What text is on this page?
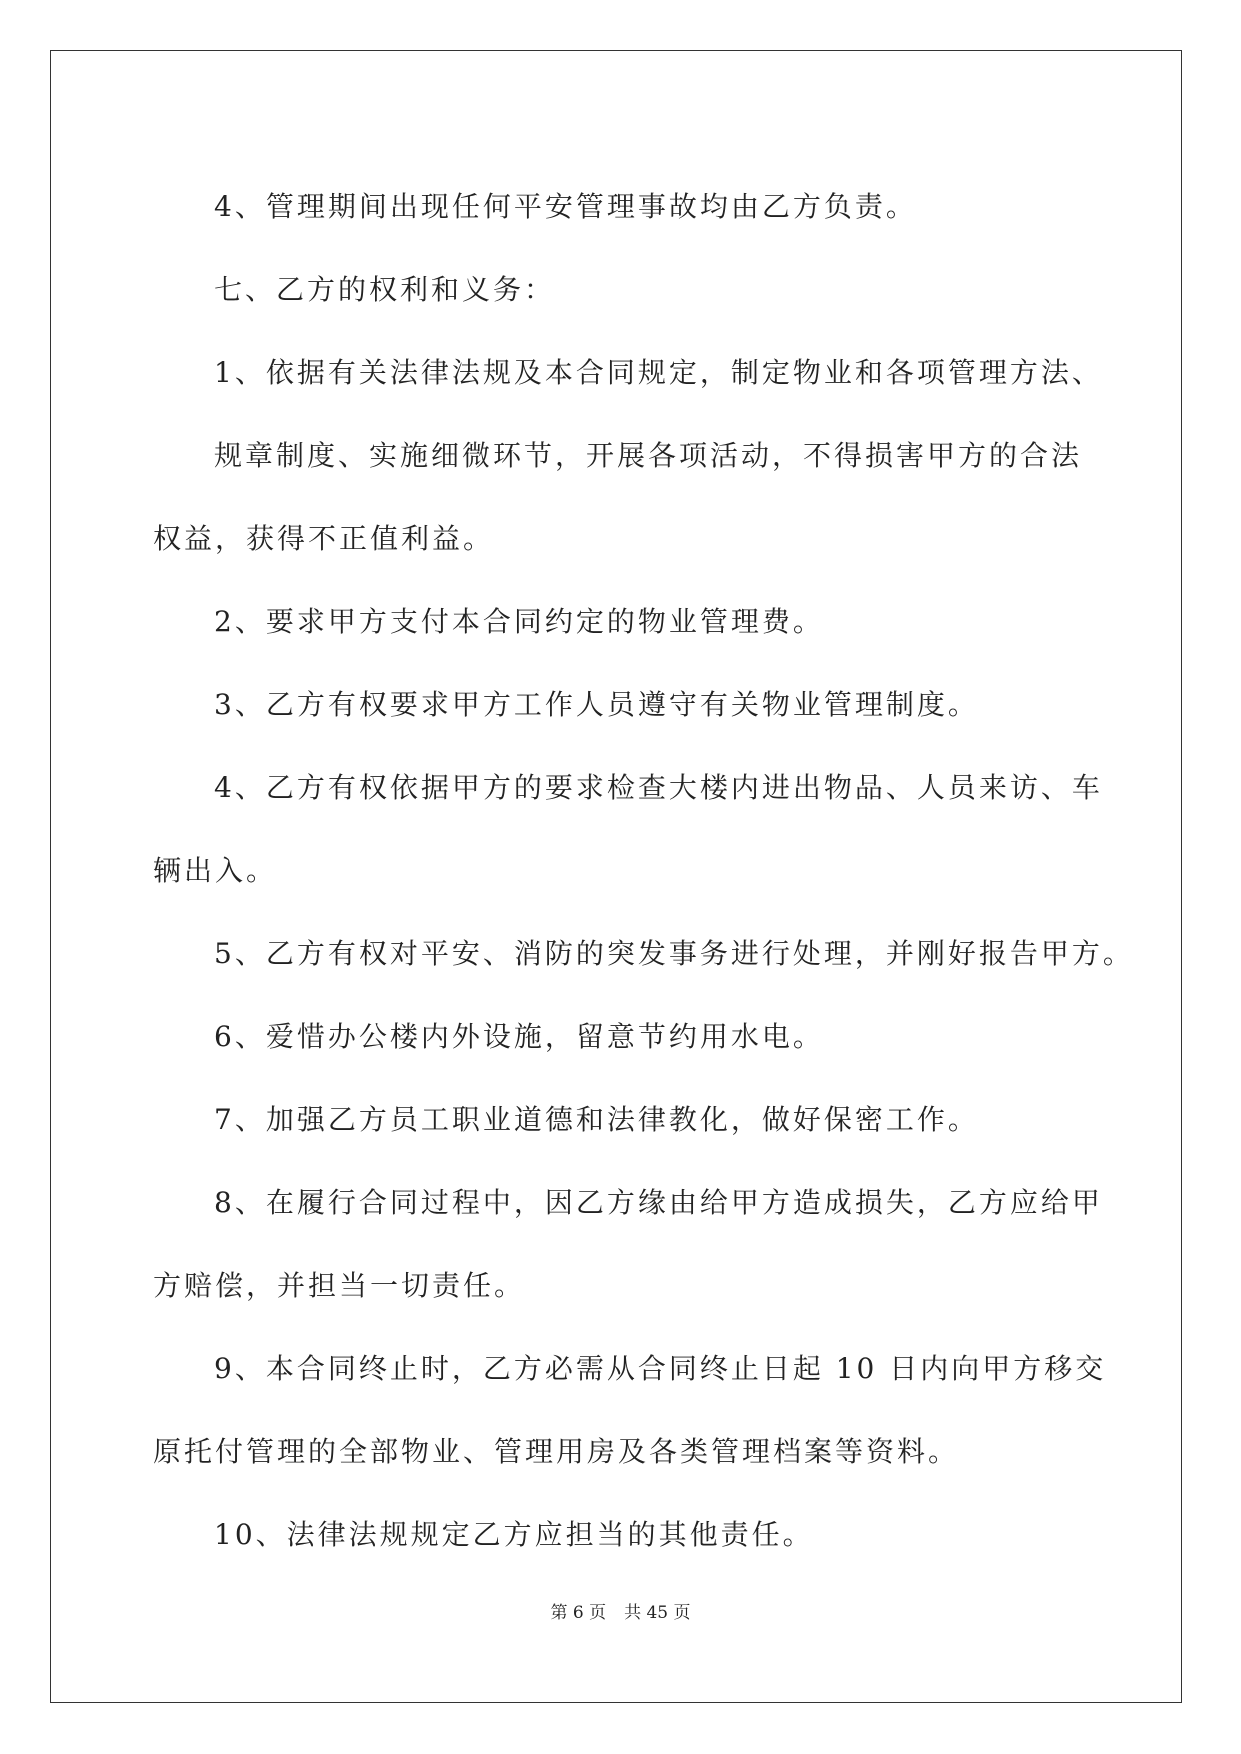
4、管理期间出现任何平安管理事故均由乙方负责。
七、乙方的权利和义务：
1、依据有关法律法规及本合同规定，制定物业和各项管理方法、
规章制度、实施细微环节，开展各项活动，不得损害甲方的合法
权益，获得不正值利益。
2、要求甲方支付本合同约定的物业管理费。
3、乙方有权要求甲方工作人员遵守有关物业管理制度。
4、乙方有权依据甲方的要求检查大楼内进出物品、人员来访、车
辆出入。
5、乙方有权对平安、消防的突发事务进行处理，并刚好报告甲方。
6、爱惜办公楼内外设施，留意节约用水电。
7、加强乙方员工职业道德和法律教化，做好保密工作。
8、在履行合同过程中，因乙方缘由给甲方造成损失，乙方应给甲
方赔偿，并担当一切责任。
9、本合同终止时，乙方必需从合同终止日起 10 日内向甲方移交
原托付管理的全部物业、管理用房及各类管理档案等资料。
10、法律法规规定乙方应担当的其他责任。
第 6 页 共 45 页
